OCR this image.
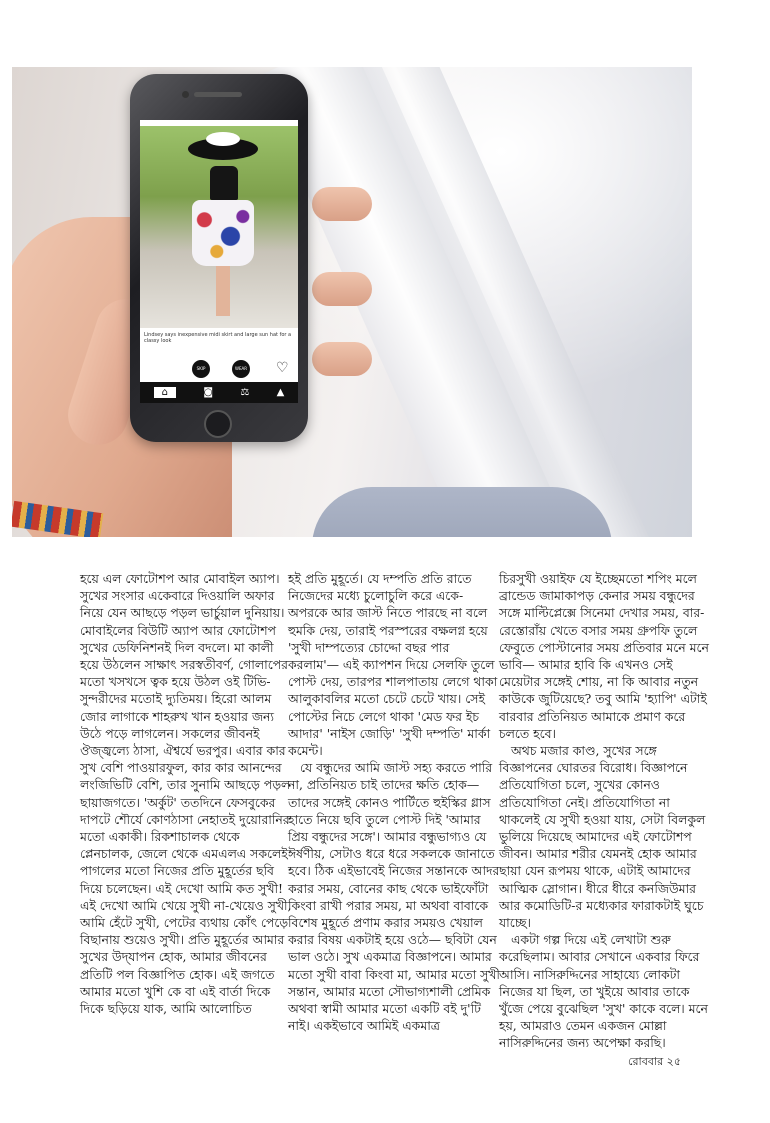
Lindsey says inexpensive midi skirt and large sun hat for a classy look
SKIP	WEAR ♡
⌂	◙	⚖	▲

হয়ে এল ফোটোশপ আর মোবাইল অ্যাপ। সুখের সংসার একেবারে দিওয়ালি অফার নিয়ে যেন আছড়ে পড়ল ভার্চুয়াল দুনিয়ায়। মোবাইলের বিউটি অ্যাপ আর ফোটোশপ সুখের ডেফিনিশনই দিল বদলে। মা কালী হয়ে উঠলেন সাক্ষাৎ সরস্বতীবর্ণ, গোলাপের মতো খসখসে ত্বক হয়ে উঠল ওই টিভি-সুন্দরীদের মতোই দ্যুতিময়। হিরো আলম জোর লাগাকে শাহরুখ খান হওয়ার জন্য উঠে পড়ে লাগলেন। সকলের জীবনই ঔজ্জ্বল্যে ঠাসা, ঐশ্বর্যে ভরপুর। এবার কার সুখ বেশি পাওয়ারফুল, কার কার আনন্দের লংজিভিটি বেশি, তার সুনামি আছড়ে পড়ল ছায়াজগতে। 'অর্কুট' ততদিনে ফেসবুকের দাপটে শৌর্যে কোণঠাসা নেহাতই দুয়োরানির মতো একাকী। রিকশাচালক থেকে প্লেনচালক, জেলে থেকে এমএলএ সকলেই পাগলের মতো নিজের প্রতি মুহূর্তের ছবি দিয়ে চলেছেন। এই দেখো আমি কত সুখী! এই দেখো আমি খেয়ে সুখী না-খেয়েও সুখী, আমি হেঁটে সুখী, পেটের ব্যথায় কোঁৎ পেড়ে বিছানায় শুয়েও সুখী। প্রতি মুহূর্তের আমার সুখের উদ্‌যাপন হোক, আমার জীবনের প্রতিটি পল বিজ্ঞাপিত হোক। এই জগতে আমার মতো খুশি কে বা এই বার্তা দিকে দিকে ছড়িয়ে যাক, আমি আলোচিত

হই প্রতি মুহূর্তে। যে দম্পতি প্রতি রাতে নিজেদের মধ্যে চুলোচুলি করে একে-অপরকে আর জাস্ট নিতে পারছে না বলে হুমকি দেয়, তারাই পরস্পরের বক্ষলগ্ন হয়ে 'সুখী দাম্পত্যের চোদ্দো বছর পার করলাম'— এই ক্যাপশন দিয়ে সেলফি তুলে পোস্ট দেয়, তারপর শালপাতায় লেগে থাকা আলুকাবলির মতো চেটে চেটে খায়। সেই পোস্টের নিচে লেগে থাকা 'মেড ফর ইচ আদার' 'নাইস জোড়ি' 'সুখী দম্পতি' মার্কা কমেন্ট।

যে বন্ধুদের আমি জাস্ট সহ্য করতে পারি না, প্রতিনিয়ত চাই তাদের ক্ষতি হোক— তাদের সঙ্গেই কোনও পার্টিতে হুইস্কির গ্লাস হাতে নিয়ে ছবি তুলে পোস্ট দিই 'আমার প্রিয় বন্ধুদের সঙ্গে'। আমার বন্ধুভাগ্যও যে ঈর্ষণীয়, সেটাও ধরে ধরে সকলকে জানাতে হবে। ঠিক এইভাবেই নিজের সন্তানকে আদর করার সময়, বোনের কাছ থেকে ভাইফোঁটা কিংবা রাখী পরার সময়, মা অথবা বাবাকে বিশেষ মুহূর্তে প্রণাম করার সময়ও খেয়াল করার বিষয় একটাই হয়ে ওঠে— ছবিটা যেন ভাল ওঠে। সুখ একমাত্র বিজ্ঞাপনে। আমার মতো সুখী বাবা কিংবা মা, আমার মতো সুখী সন্তান, আমার মতো সৌভাগ্যশালী প্রেমিক অথবা স্বামী আমার মতো একটি বই দু'টি নাই। একইভাবে আমিই একমাত্র

চিরসুখী ওয়াইফ যে ইচ্ছেমতো শপিং মলে ব্রান্ডেড জামাকাপড় কেনার সময় বন্ধুদের সঙ্গে মাল্টিপ্লেক্সে সিনেমা দেখার সময়, বার-রেস্তোরাঁয় খেতে বসার সময় গ্রুপফি তুলে ফেবুতে পোস্টানোর সময় প্রতিবার মনে মনে ভাবি— আমার হাবি কি এখনও সেই মেয়েটার সঙ্গেই শোয়, না কি আবার নতুন কাউকে জুটিয়েছে? তবু আমি 'হ্যাপি' এটাই বারবার প্রতিনিয়ত আমাকে প্রমাণ করে চলতে হবে।

অথচ মজার কাণ্ড, সুখের সঙ্গে বিজ্ঞাপনের ঘোরতর বিরোধ। বিজ্ঞাপনে প্রতিযোগিতা চলে, সুখের কোনও প্রতিযোগিতা নেই। প্রতিযোগিতা না থাকলেই যে সুখী হওয়া যায়, সেটা বিলকুল ভুলিয়ে দিয়েছে আমাদের এই ফোটোশপ জীবন। আমার শরীর যেমনই হোক আমার ছায়া যেন রূপময় থাকে, এটাই আমাদের আত্মিক স্লোগান। ধীরে ধীরে কনজিউমার আর কমোডিটি-র মধ্যেকার ফারাকটাই ঘুচে যাচ্ছে।

একটা গল্প দিয়ে এই লেখাটা শুরু করেছিলাম। আবার সেখানে একবার ফিরে আসি। নাসিরুদ্দিনের সাহায্যে লোকটা নিজের যা ছিল, তা খুইয়ে আবার তাকে খুঁজে পেয়ে বুঝেছিল 'সুখ' কাকে বলে। মনে হয়, আমরাও তেমন একজন মোল্লা নাসিরুদ্দিনের জন্য অপেক্ষা করছি।

রোববার ২৫
